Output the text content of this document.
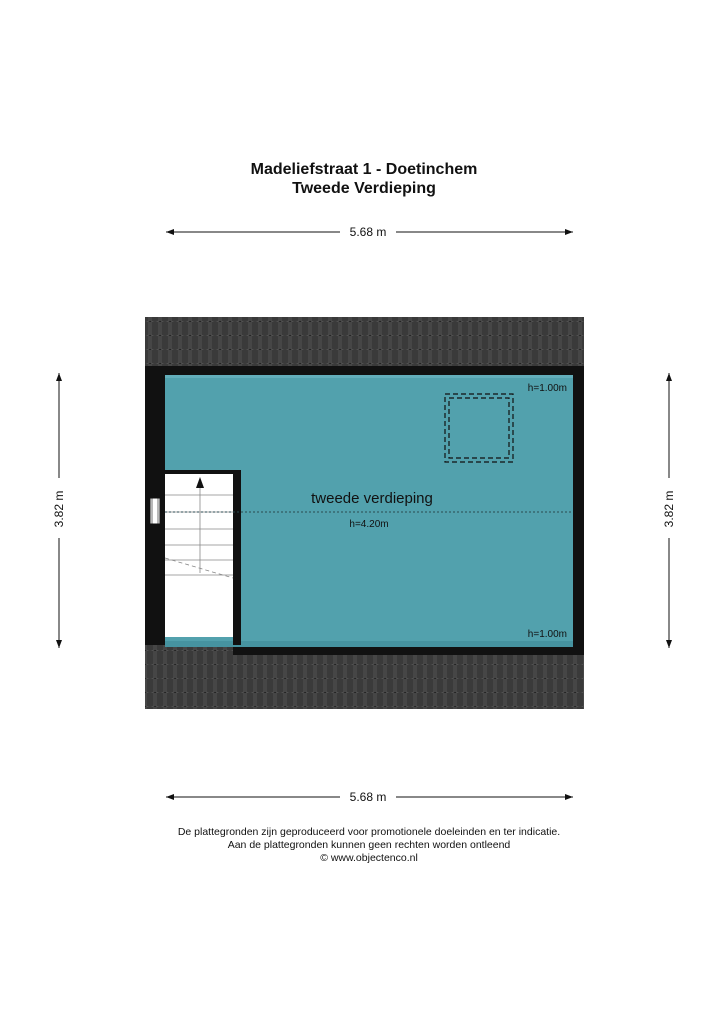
Madeliefstraat 1 - Doetinchem
Tweede Verdieping
5.68 m
5.68 m
3.82 m	3.82 m
tweede verdieping
h=4.20m
h=1.00m
h=1.00m
De plattegronden zijn geproduceerd voor promotionele doeleinden en ter indicatie.
Aan de plattegronden kunnen geen rechten worden ontleend
© www.objectenco.nl
